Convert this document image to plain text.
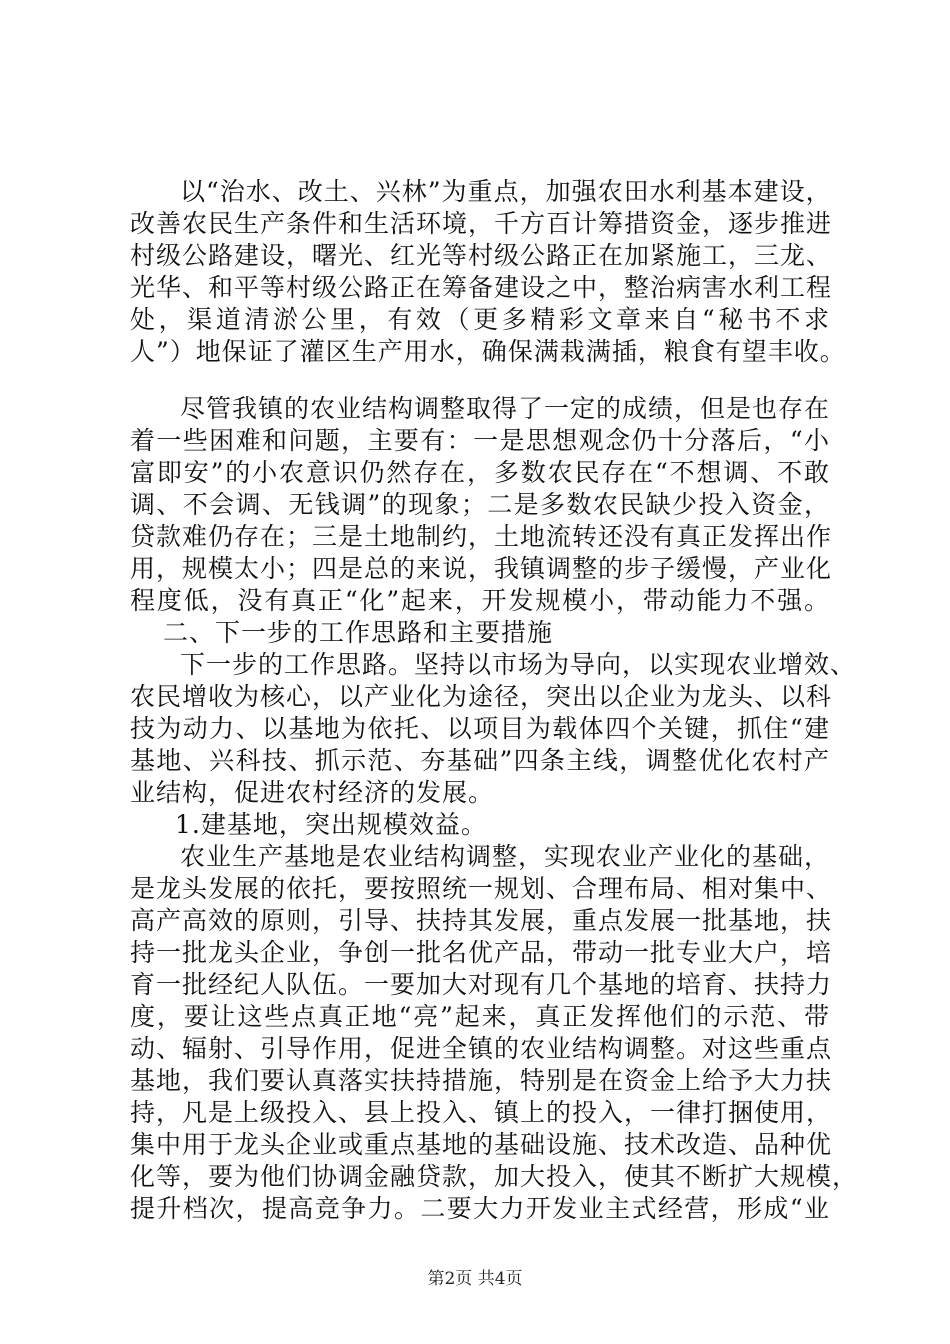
以“治水、改土、兴林”为重点，加强农田水利基本建设，
改善农民生产条件和生活环境，千方百计筹措资金，逐步推进
村级公路建设，曙光、红光等村级公路正在加紧施工，三龙、
光华、和平等村级公路正在筹备建设之中，整治病害水利工程
处，渠道清淤公里，有效（更多精彩文章来自“秘书不求
人”）地保证了灌区生产用水，确保满栽满插，粮食有望丰收。
尽管我镇的农业结构调整取得了一定的成绩，但是也存在
着一些困难和问题，主要有：一是思想观念仍十分落后，“小
富即安”的小农意识仍然存在，多数农民存在“不想调、不敢
调、不会调、无钱调”的现象；二是多数农民缺少投入资金，
贷款难仍存在；三是土地制约，土地流转还没有真正发挥出作
用，规模太小；四是总的来说，我镇调整的步子缓慢，产业化
程度低，没有真正“化”起来，开发规模小，带动能力不强。
二、下一步的工作思路和主要措施
下一步的工作思路。坚持以市场为导向，以实现农业增效、
农民增收为核心，以产业化为途径，突出以企业为龙头、以科
技为动力、以基地为依托、以项目为载体四个关键，抓住“建
基地、兴科技、抓示范、夯基础”四条主线，调整优化农村产
业结构，促进农村经济的发展。
1.建基地，突出规模效益。
农业生产基地是农业结构调整，实现农业产业化的基础，
是龙头发展的依托，要按照统一规划、合理布局、相对集中、
高产高效的原则，引导、扶持其发展，重点发展一批基地，扶
持一批龙头企业，争创一批名优产品，带动一批专业大户，培
育一批经纪人队伍。一要加大对现有几个基地的培育、扶持力
度，要让这些点真正地“亮”起来，真正发挥他们的示范、带
动、辐射、引导作用，促进全镇的农业结构调整。对这些重点
基地，我们要认真落实扶持措施，特别是在资金上给予大力扶
持，凡是上级投入、县上投入、镇上的投入，一律打捆使用，
集中用于龙头企业或重点基地的基础设施、技术改造、品种优
化等，要为他们协调金融贷款，加大投入，使其不断扩大规模，
提升档次，提高竞争力。二要大力开发业主式经营，形成“业
第2页 共4页
